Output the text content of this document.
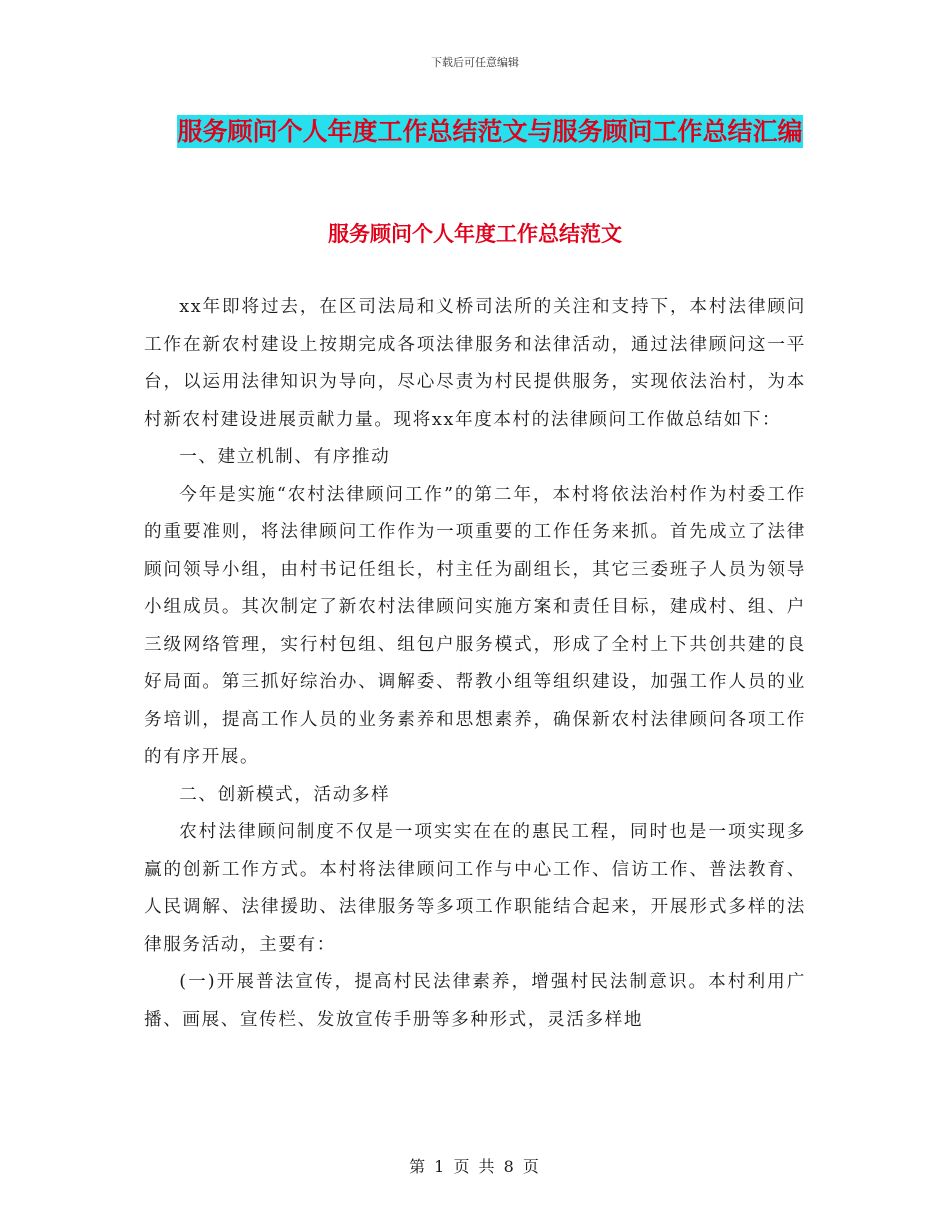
下载后可任意编辑
服务顾问个人年度工作总结范文与服务顾问工作总结汇编
服务顾问个人年度工作总结范文

xx年即将过去，在区司法局和义桥司法所的关注和支持下，本村法律顾问工作在新农村建设上按期完成各项法律服务和法律活动，通过法律顾问这一平台，以运用法律知识为导向，尽心尽责为村民提供服务，实现依法治村，为本村新农村建设进展贡献力量。现将xx年度本村的法律顾问工作做总结如下：

一、建立机制、有序推动

今年是实施“农村法律顾问工作”的第二年，本村将依法治村作为村委工作的重要准则，将法律顾问工作作为一项重要的工作任务来抓。首先成立了法律顾问领导小组，由村书记任组长，村主任为副组长，其它三委班子人员为领导小组成员。其次制定了新农村法律顾问实施方案和责任目标，建成村、组、户三级网络管理，实行村包组、组包户服务模式，形成了全村上下共创共建的良好局面。第三抓好综治办、调解委、帮教小组等组织建设，加强工作人员的业务培训，提高工作人员的业务素养和思想素养，确保新农村法律顾问各项工作的有序开展。

二、创新模式，活动多样

农村法律顾问制度不仅是一项实实在在的惠民工程，同时也是一项实现多赢的创新工作方式。本村将法律顾问工作与中心工作、信访工作、普法教育、人民调解、法律援助、法律服务等多项工作职能结合起来，开展形式多样的法律服务活动，主要有：

(一)开展普法宣传，提高村民法律素养，增强村民法制意识。本村利用广播、画展、宣传栏、发放宣传手册等多种形式，灵活多样地

第 1 页 共 8 页
